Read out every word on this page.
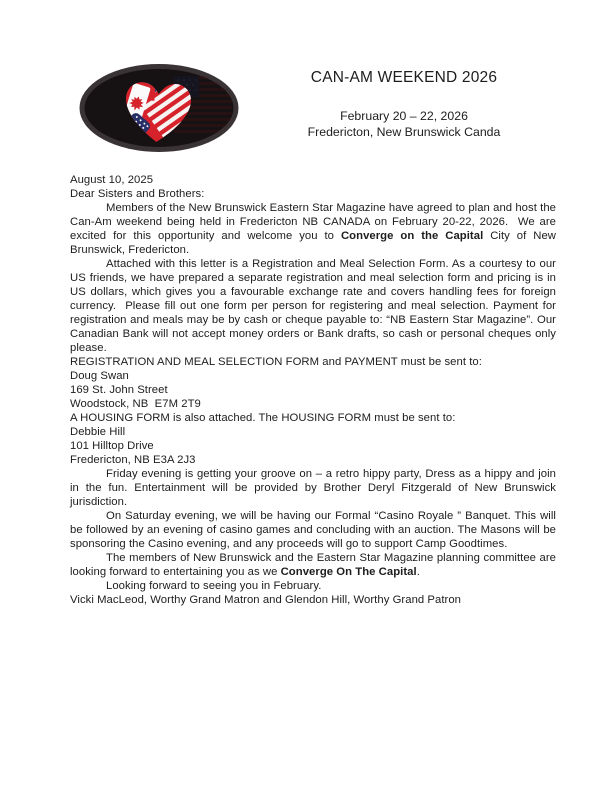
CAN-AM WEEKEND 2026
February 20 – 22, 2026
Fredericton, New Brunswick Canda

August 10, 2025

Dear Sisters and Brothers:

Members of the New Brunswick Eastern Star Magazine have agreed to plan and host the Can-Am weekend being held in Fredericton NB CANADA on February 20-22, 2026.  We are excited for this opportunity and welcome you to Converge on the Capital City of New Brunswick, Fredericton.

Attached with this letter is a Registration and Meal Selection Form. As a courtesy to our US friends, we have prepared a separate registration and meal selection form and pricing is in US dollars, which gives you a favourable exchange rate and covers handling fees for foreign currency.  Please fill out one form per person for registering and meal selection. Payment for registration and meals may be by cash or cheque payable to: “NB Eastern Star Magazine”. Our Canadian Bank will not accept money orders or Bank drafts, so cash or personal cheques only please.

REGISTRATION AND MEAL SELECTION FORM and PAYMENT must be sent to:

Doug Swan

169 St. John Street

Woodstock, NB  E7M 2T9

A HOUSING FORM is also attached. The HOUSING FORM must be sent to:

Debbie Hill

101 Hilltop Drive

Fredericton, NB E3A 2J3

Friday evening is getting your groove on – a retro hippy party, Dress as a hippy and join in the fun. Entertainment will be provided by Brother Deryl Fitzgerald of New Brunswick jurisdiction.

On Saturday evening, we will be having our Formal “Casino Royale ” Banquet. This will be followed by an evening of casino games and concluding with an auction. The Masons will be sponsoring the Casino evening, and any proceeds will go to support Camp Goodtimes.

The members of New Brunswick and the Eastern Star Magazine planning committee are looking forward to entertaining you as we Converge On The Capital.

Looking forward to seeing you in February.

Vicki MacLeod, Worthy Grand Matron and Glendon Hill, Worthy Grand Patron
